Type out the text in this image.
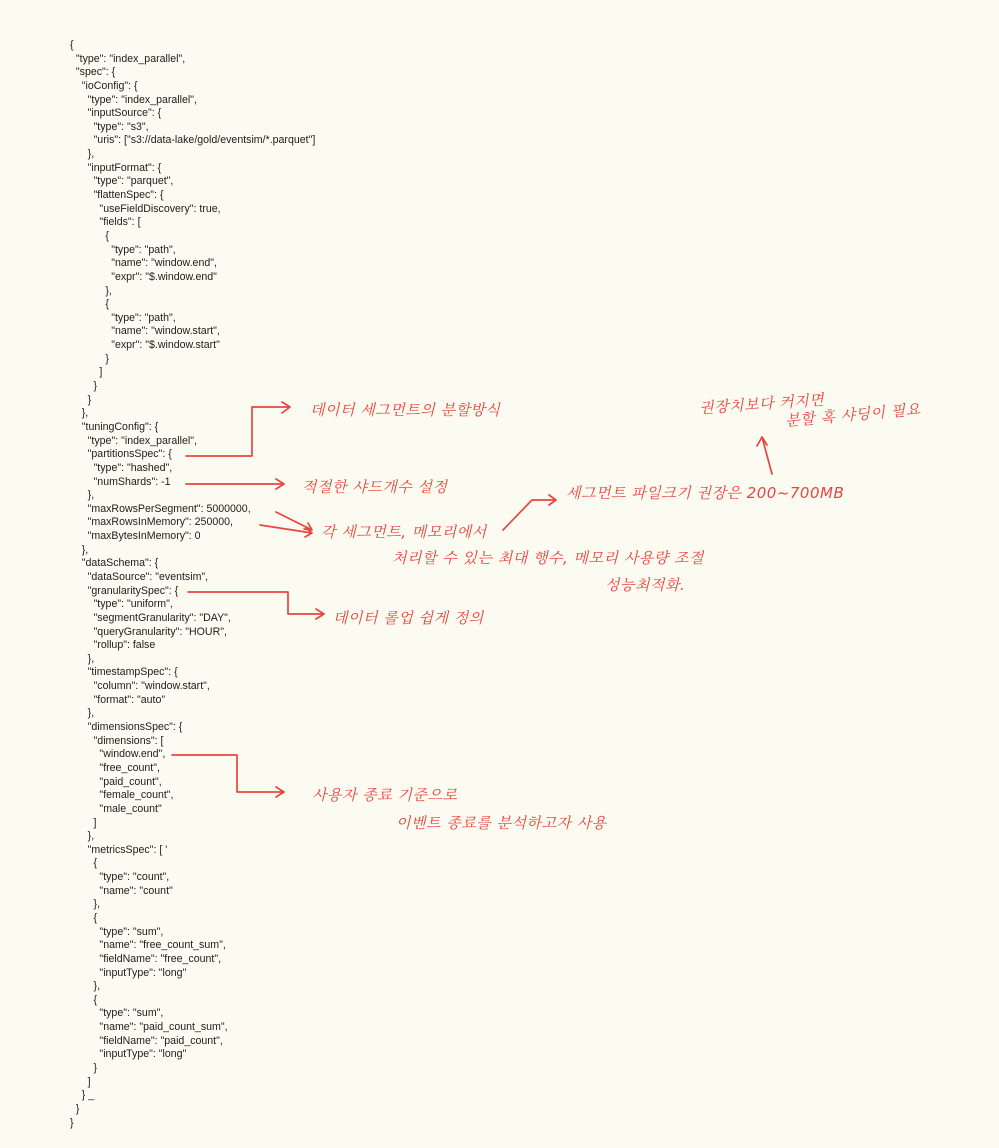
{
"type": "index_parallel",
"spec": {
"ioConfig": {
"type": "index_parallel",
"inputSource": {
"type": "s3",
"uris": ["s3://data-lake/gold/eventsim/*.parquet"]
},
"inputFormat": {
"type": "parquet",
"flattenSpec": {
"useFieldDiscovery": true,
"fields": [
{
"type": "path",
"name": "window.end",
"expr": "$.window.end"
},
{
"type": "path",
"name": "window.start",
"expr": "$.window.start"
}
]
}
}
},
"tuningConfig": {
"type": "index_parallel",
"partitionsSpec": {
"type": "hashed",
"numShards": -1
},
"maxRowsPerSegment": 5000000,
"maxRowsInMemory": 250000,
"maxBytesInMemory": 0
},
"dataSchema": {
"dataSource": "eventsim",
"granularitySpec": {
"type": "uniform",
"segmentGranularity": "DAY",
"queryGranularity": "HOUR",
"rollup": false
},
"timestampSpec": {
"column": "window.start",
"format": "auto"
},
"dimensionsSpec": {
"dimensions": [
"window.end",
"free_count",
"paid_count",
"female_count",
"male_count"
]
},
"metricsSpec": [ '
{
"type": "count",
"name": "count"
},
{
"type": "sum",
"name": "free_count_sum",
"fieldName": "free_count",
"inputType": "long"
},
{
"type": "sum",
"name": "paid_count_sum",
"fieldName": "paid_count",
"inputType": "long"
}
]
} _
}
}
데이터 세그먼트의 분할방식
적절한 샤드개수 설정
각 세그먼트, 메모리에서
처리할 수 있는 최대 행수, 메모리 사용량 조절
성능최적화.
세그먼트 파일크기 권장은 200~700MB
권장치보다 커지면
분할 혹 샤딩이 필요
데이터 롤업 쉽게 정의
사용자 종료 기준으로
이벤트 종료를 분석하고자 사용
